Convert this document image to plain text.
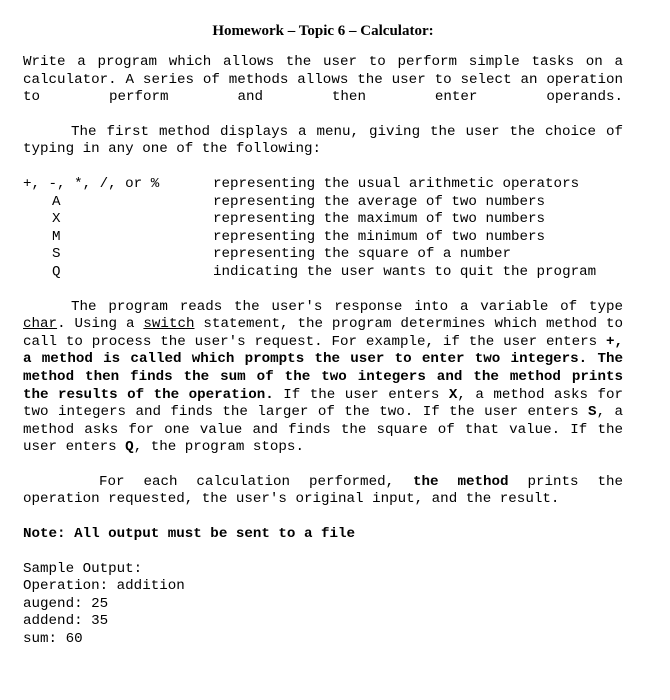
Homework – Topic 6 – Calculator:

Write a program which allows the user to perform simple tasks on a calculator. A series of methods allows the user to select an operation to perform and then enter operands.

The first method displays a menu, giving the user the choice of typing in any one of the following:

+, -, *, /, or %	representing the usual arithmetic operators
A	representing the average of two numbers
X	representing the maximum of two numbers
M	representing the minimum of two numbers
S	representing the square of a number
Q	indicating the user wants to quit the program

The program reads the user's response into a variable of type char. Using a switch statement, the program determines which method to call to process the user's request. For example, if the user enters +, a method is called which prompts the user to enter two integers. The method then finds the sum of the two integers and the method prints the results of the operation. If the user enters X, a method asks for two integers and finds the larger of the two. If the user enters S, a method asks for one value and finds the square of that value. If the user enters Q, the program stops.

For each calculation performed, the method prints the operation requested, the user's original input, and the result.

Note: All output must be sent to a file

Sample Output:
Operation: addition
augend: 25
addend: 35
sum: 60
